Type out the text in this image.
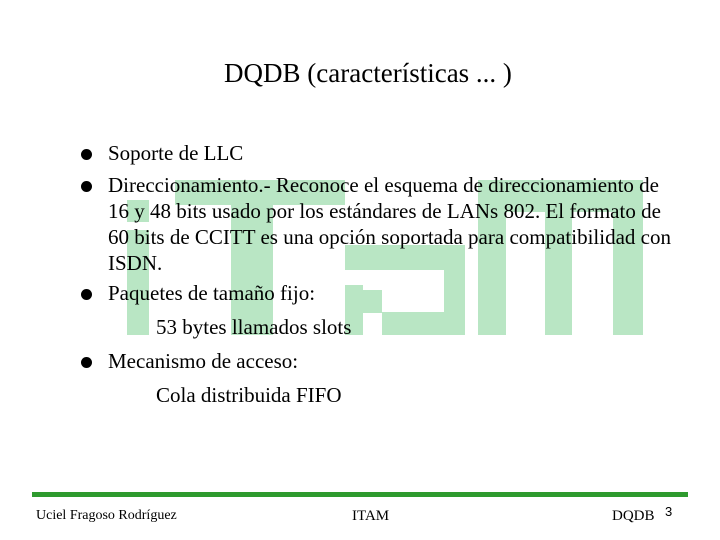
DQDB (características ... )
Soporte de LLC
Direccionamiento.- Reconoce el esquema de direccionamiento de 16 y 48 bits usado por los estándares de LANs 802. El formato de 60 bits de CCITT es una opción soportada para compatibilidad con ISDN.
Paquetes de tamaño fijo:
53 bytes llamados slots
Mecanismo de acceso:
Cola distribuida FIFO
Uciel Fragoso Rodríguez	ITAM	DQDB 3
